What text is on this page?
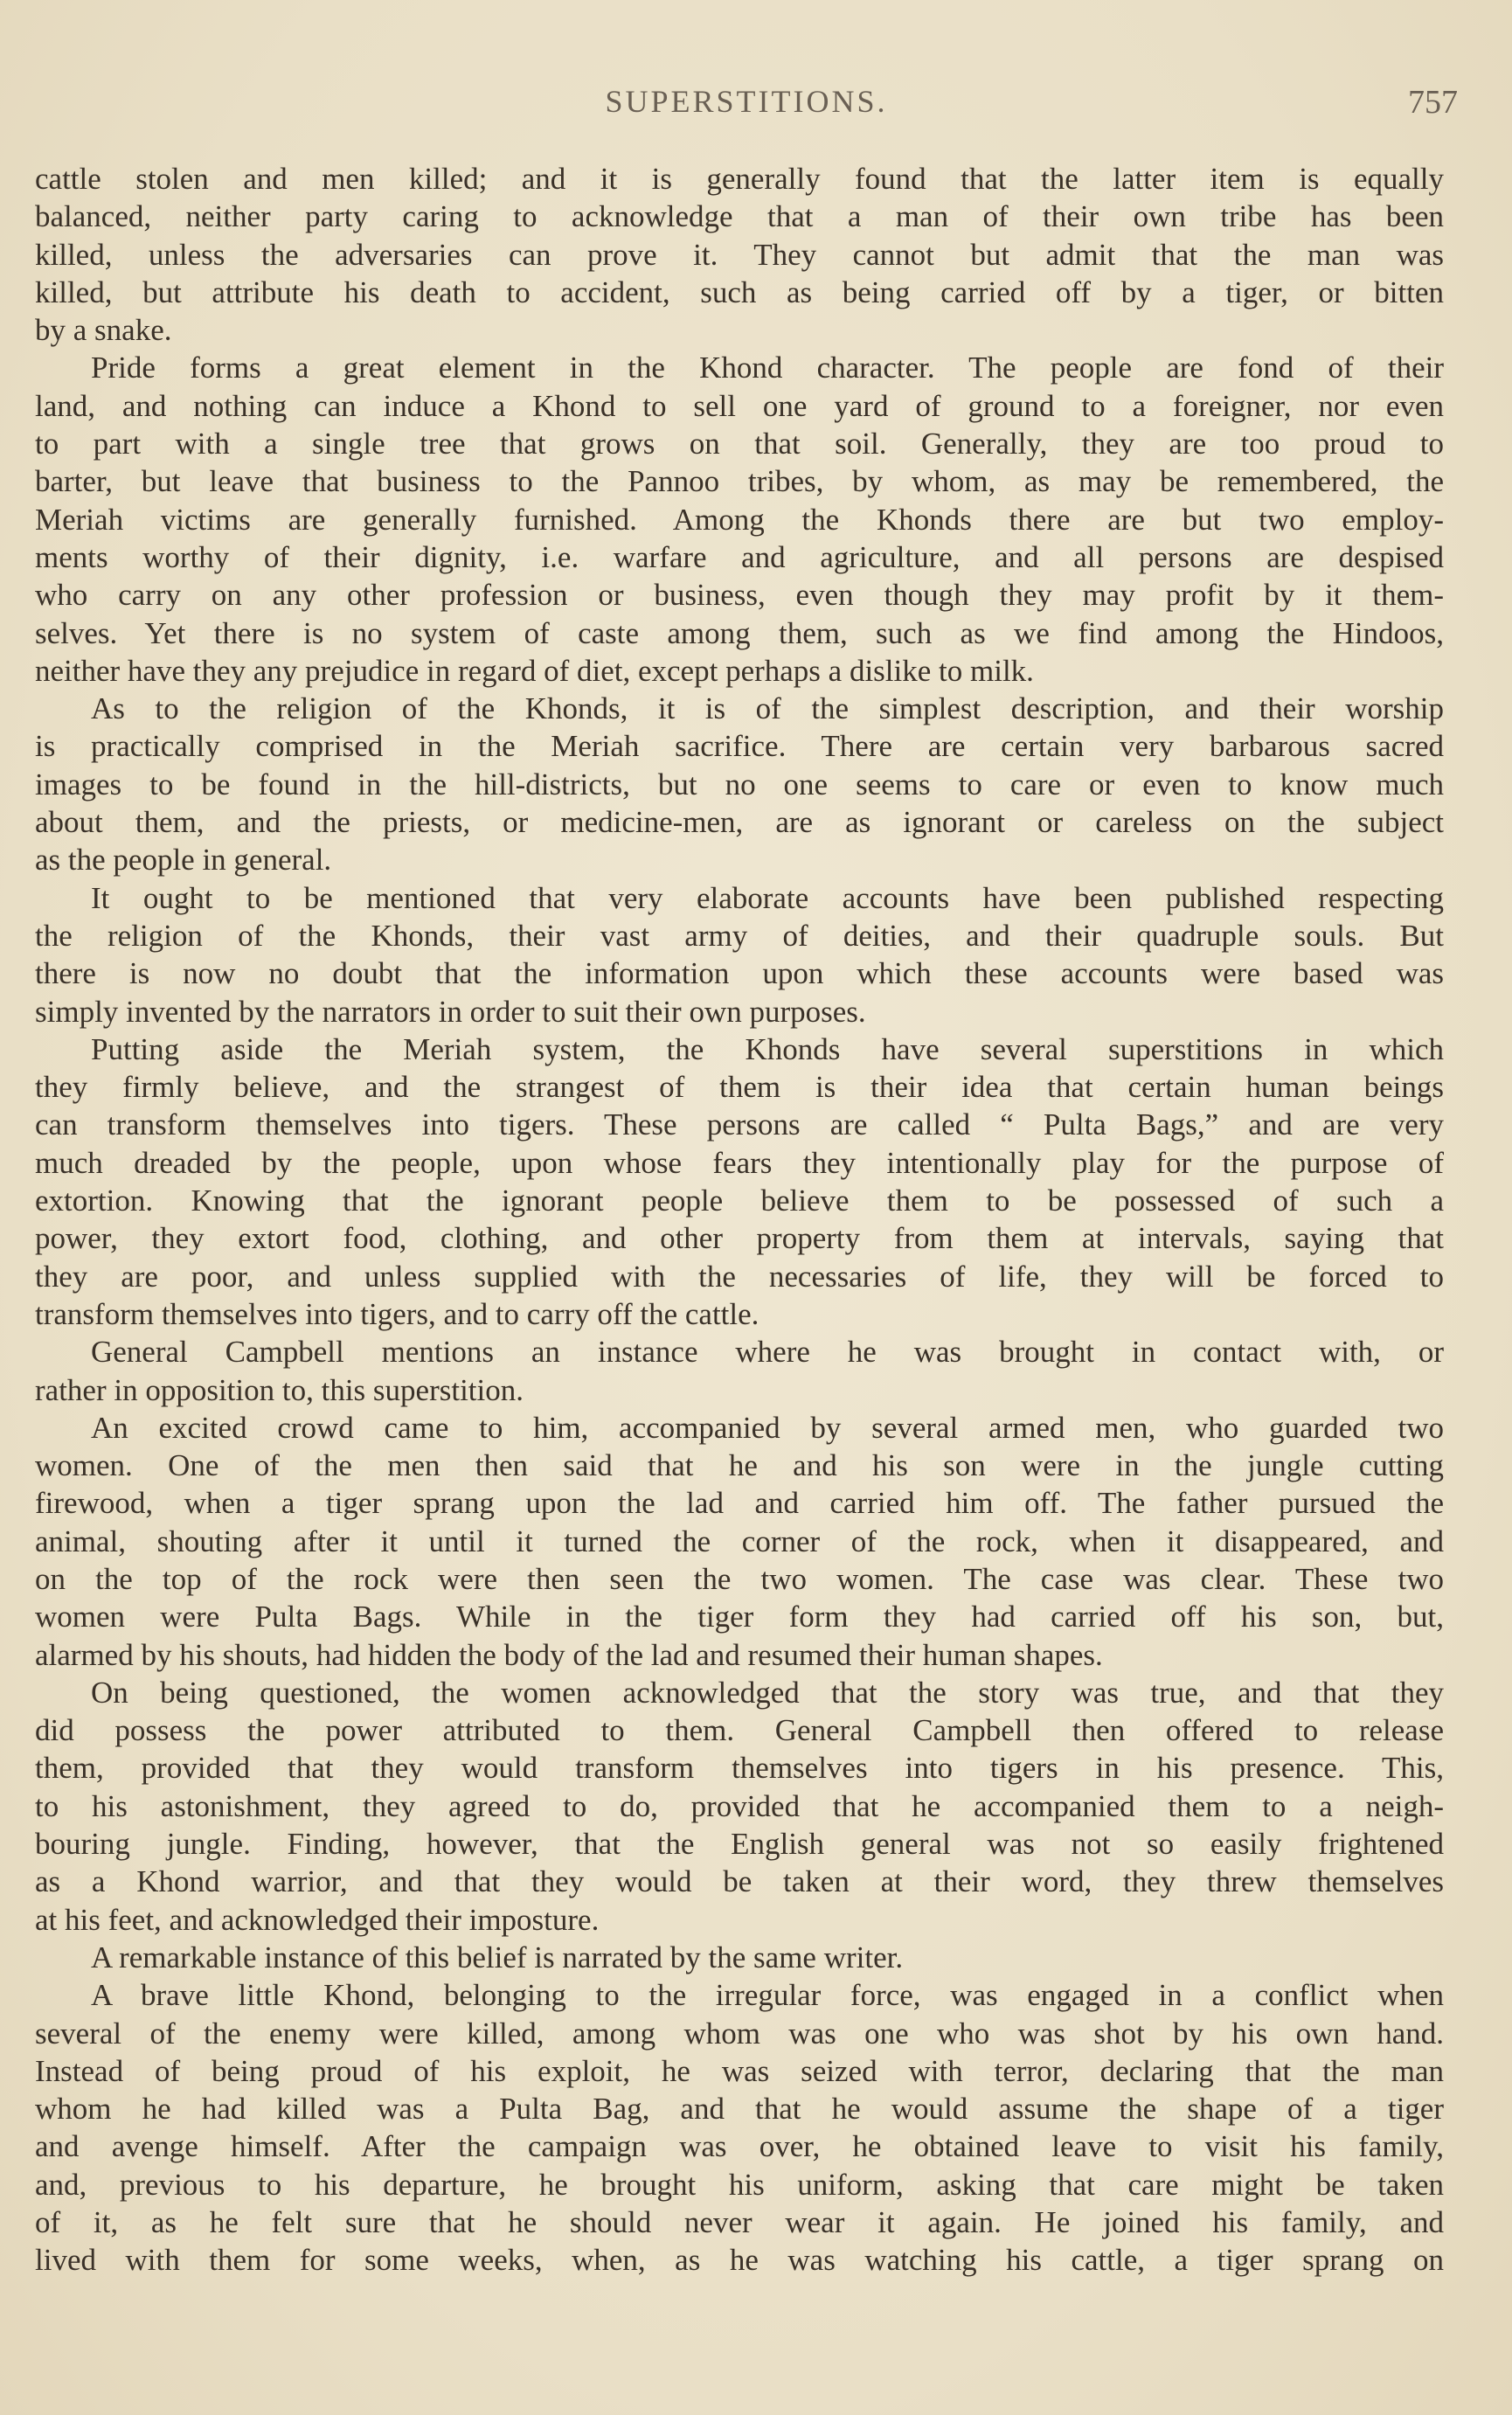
SUPERSTITIONS.	757
cattle stolen and men killed; and it is generally found that the latter item is equally
balanced, neither party caring to acknowledge that a man of their own tribe has been
killed, unless the adversaries can prove it. They cannot but admit that the man was
killed, but attribute his death to accident, such as being carried off by a tiger, or bitten
by a snake.
Pride forms a great element in the Khond character. The people are fond of their
land, and nothing can induce a Khond to sell one yard of ground to a foreigner, nor even
to part with a single tree that grows on that soil. Generally, they are too proud to
barter, but leave that business to the Pannoo tribes, by whom, as may be remembered, the
Meriah victims are generally furnished. Among the Khonds there are but two employ-
ments worthy of their dignity, i.e. warfare and agriculture, and all persons are despised
who carry on any other profession or business, even though they may profit by it them-
selves. Yet there is no system of caste among them, such as we find among the Hindoos,
neither have they any prejudice in regard of diet, except perhaps a dislike to milk.
As to the religion of the Khonds, it is of the simplest description, and their worship
is practically comprised in the Meriah sacrifice. There are certain very barbarous sacred
images to be found in the hill-districts, but no one seems to care or even to know much
about them, and the priests, or medicine-men, are as ignorant or careless on the subject
as the people in general.
It ought to be mentioned that very elaborate accounts have been published respecting
the religion of the Khonds, their vast army of deities, and their quadruple souls. But
there is now no doubt that the information upon which these accounts were based was
simply invented by the narrators in order to suit their own purposes.
Putting aside the Meriah system, the Khonds have several superstitions in which
they firmly believe, and the strangest of them is their idea that certain human beings
can transform themselves into tigers. These persons are called “ Pulta Bags,” and are very
much dreaded by the people, upon whose fears they intentionally play for the purpose of
extortion. Knowing that the ignorant people believe them to be possessed of such a
power, they extort food, clothing, and other property from them at intervals, saying that
they are poor, and unless supplied with the necessaries of life, they will be forced to
transform themselves into tigers, and to carry off the cattle.
General Campbell mentions an instance where he was brought in contact with, or
rather in opposition to, this superstition.
An excited crowd came to him, accompanied by several armed men, who guarded two
women. One of the men then said that he and his son were in the jungle cutting
firewood, when a tiger sprang upon the lad and carried him off. The father pursued the
animal, shouting after it until it turned the corner of the rock, when it disappeared, and
on the top of the rock were then seen the two women. The case was clear. These two
women were Pulta Bags. While in the tiger form they had carried off his son, but,
alarmed by his shouts, had hidden the body of the lad and resumed their human shapes.
On being questioned, the women acknowledged that the story was true, and that they
did possess the power attributed to them. General Campbell then offered to release
them, provided that they would transform themselves into tigers in his presence. This,
to his astonishment, they agreed to do, provided that he accompanied them to a neigh-
bouring jungle. Finding, however, that the English general was not so easily frightened
as a Khond warrior, and that they would be taken at their word, they threw themselves
at his feet, and acknowledged their imposture.
A remarkable instance of this belief is narrated by the same writer.
A brave little Khond, belonging to the irregular force, was engaged in a conflict when
several of the enemy were killed, among whom was one who was shot by his own hand.
Instead of being proud of his exploit, he was seized with terror, declaring that the man
whom he had killed was a Pulta Bag, and that he would assume the shape of a tiger
and avenge himself. After the campaign was over, he obtained leave to visit his family,
and, previous to his departure, he brought his uniform, asking that care might be taken
of it, as he felt sure that he should never wear it again. He joined his family, and
lived with them for some weeks, when, as he was watching his cattle, a tiger sprang on
